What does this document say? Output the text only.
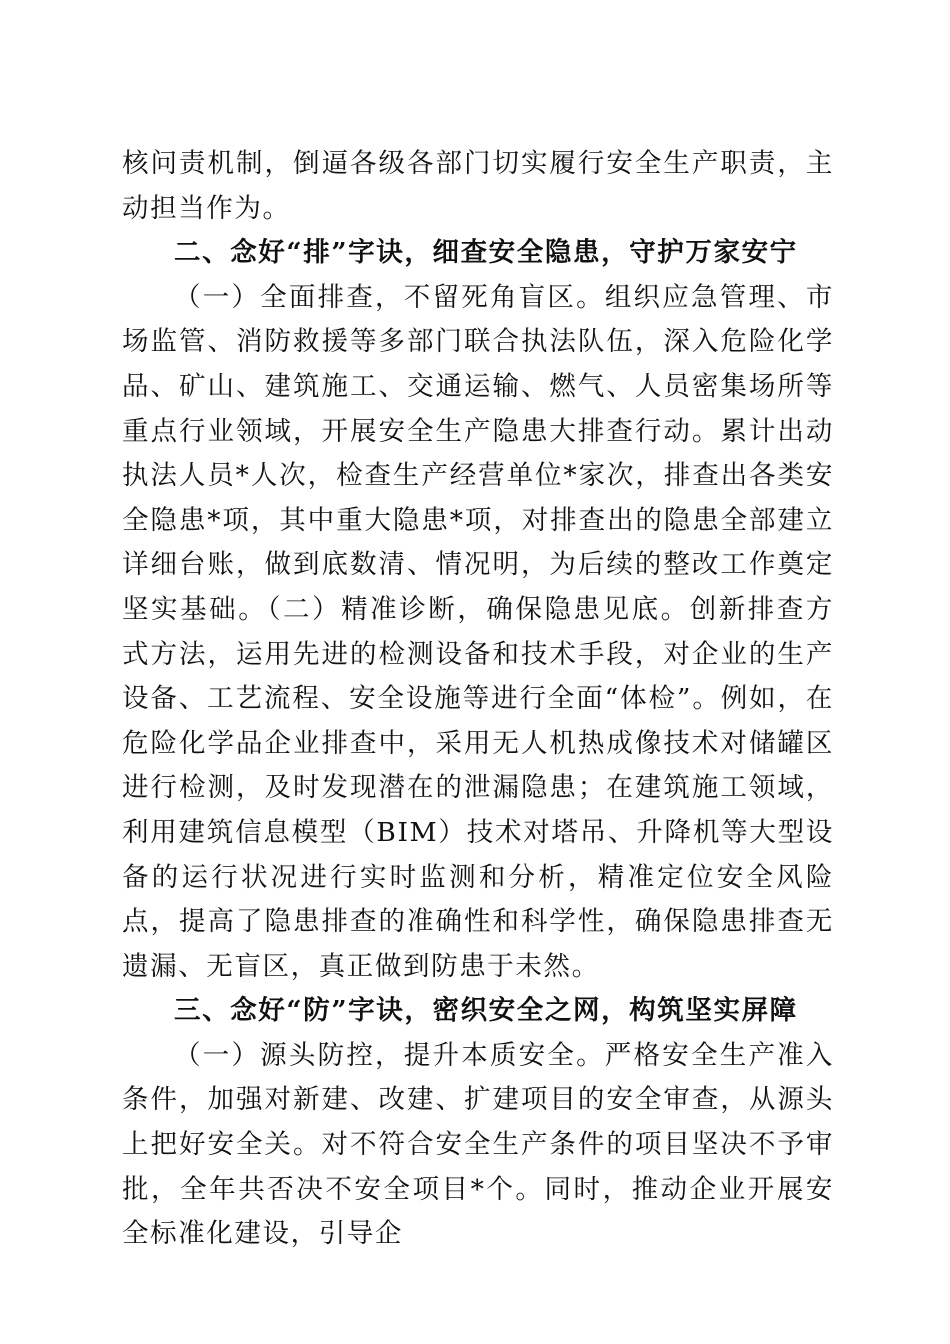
核问责机制，倒逼各级各部门切实履行安全生产职责，主动担当作为。

二、念好“排”字诀，细查安全隐患，守护万家安宁

（一）全面排查，不留死角盲区。组织应急管理、市场监管、消防救援等多部门联合执法队伍，深入危险化学品、矿山、建筑施工、交通运输、燃气、人员密集场所等重点行业领域，开展安全生产隐患大排查行动。累计出动执法人员*人次，检查生产经营单位*家次，排查出各类安全隐患*项，其中重大隐患*项，对排查出的隐患全部建立详细台账，做到底数清、情况明，为后续的整改工作奠定坚实基础。（二）精准诊断，确保隐患见底。创新排查方式方法，运用先进的检测设备和技术手段，对企业的生产设备、工艺流程、安全设施等进行全面“体检”。例如，在危险化学品企业排查中，采用无人机热成像技术对储罐区进行检测，及时发现潜在的泄漏隐患；在建筑施工领域，利用建筑信息模型（BIM）技术对塔吊、升降机等大型设备的运行状况进行实时监测和分析，精准定位安全风险点，提高了隐患排查的准确性和科学性，确保隐患排查无遗漏、无盲区，真正做到防患于未然。

三、念好“防”字诀，密织安全之网，构筑坚实屏障

（一）源头防控，提升本质安全。严格安全生产准入条件，加强对新建、改建、扩建项目的安全审查，从源头上把好安全关。对不符合安全生产条件的项目坚决不予审批，全年共否决不安全项目*个。同时，推动企业开展安全标准化建设，引导企
